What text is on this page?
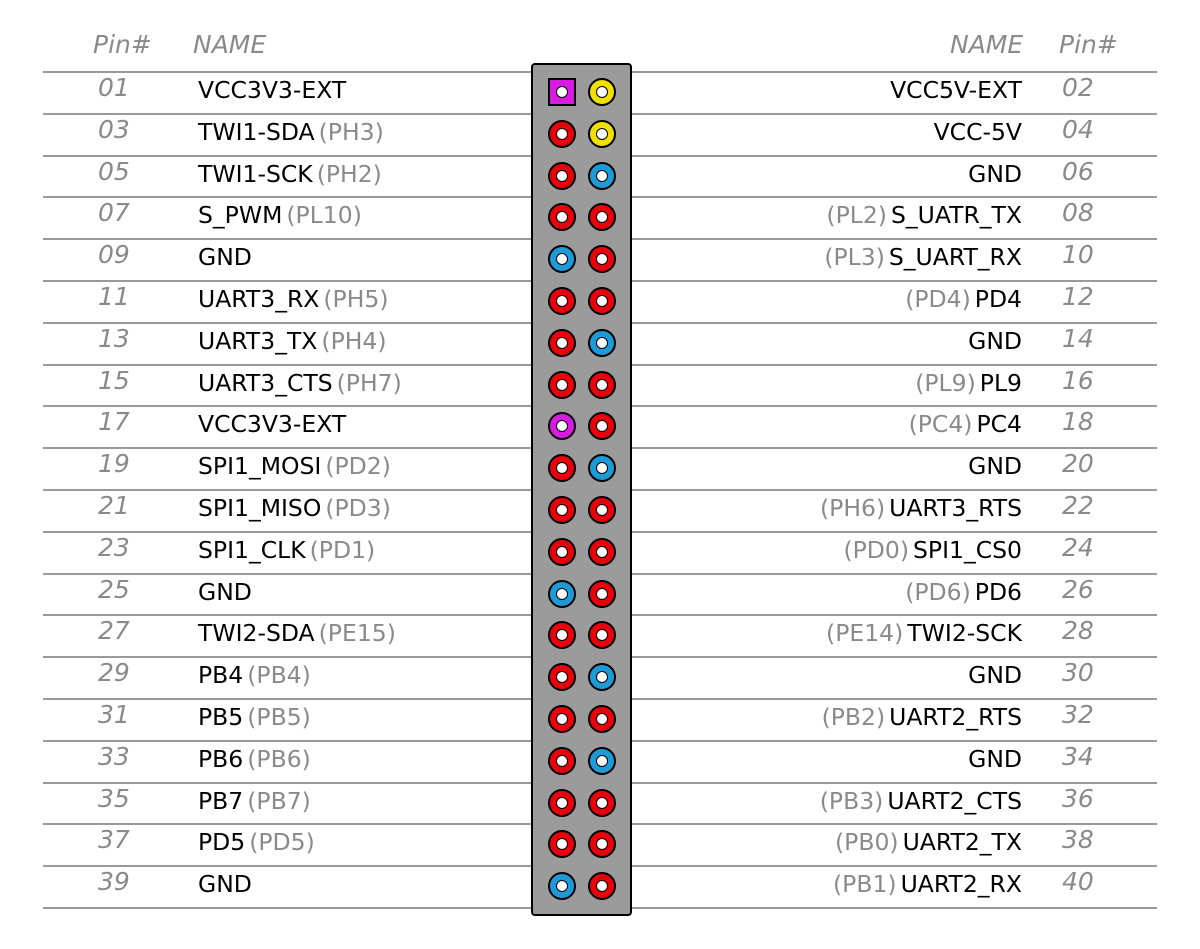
Pin# NAME	NAME Pin#
01	VCC3V3-EXT	VCC5V-EXT 02
03	TWI1-SDA (PH3)	VCC-5V 04
05	TWI1-SCK (PH2)	GND 06
07	S_PWM (PL10)	(PL2) S_UATR_TX 08
09	GND	(PL3) S_UART_RX 10
11	UART3_RX (PH5)	(PD4) PD4 12
13	UART3_TX (PH4)	GND 14
15	UART3_CTS (PH7)	(PL9) PL9 16
17	VCC3V3-EXT	(PC4) PC4 18
19	SPI1_MOSI (PD2)	GND 20
21	SPI1_MISO (PD3)	(PH6) UART3_RTS 22
23	SPI1_CLK (PD1)	(PD0) SPI1_CS0 24
25	GND	(PD6) PD6 26
27	TWI2-SDA (PE15)	(PE14) TWI2-SCK 28
29	PB4 (PB4)	GND 30
31	PB5 (PB5)	(PB2) UART2_RTS 32
33	PB6 (PB6)	GND 34
35	PB7 (PB7)	(PB3) UART2_CTS 36
37	PD5 (PD5)	(PB0) UART2_TX 38
39	GND	(PB1) UART2_RX 40
